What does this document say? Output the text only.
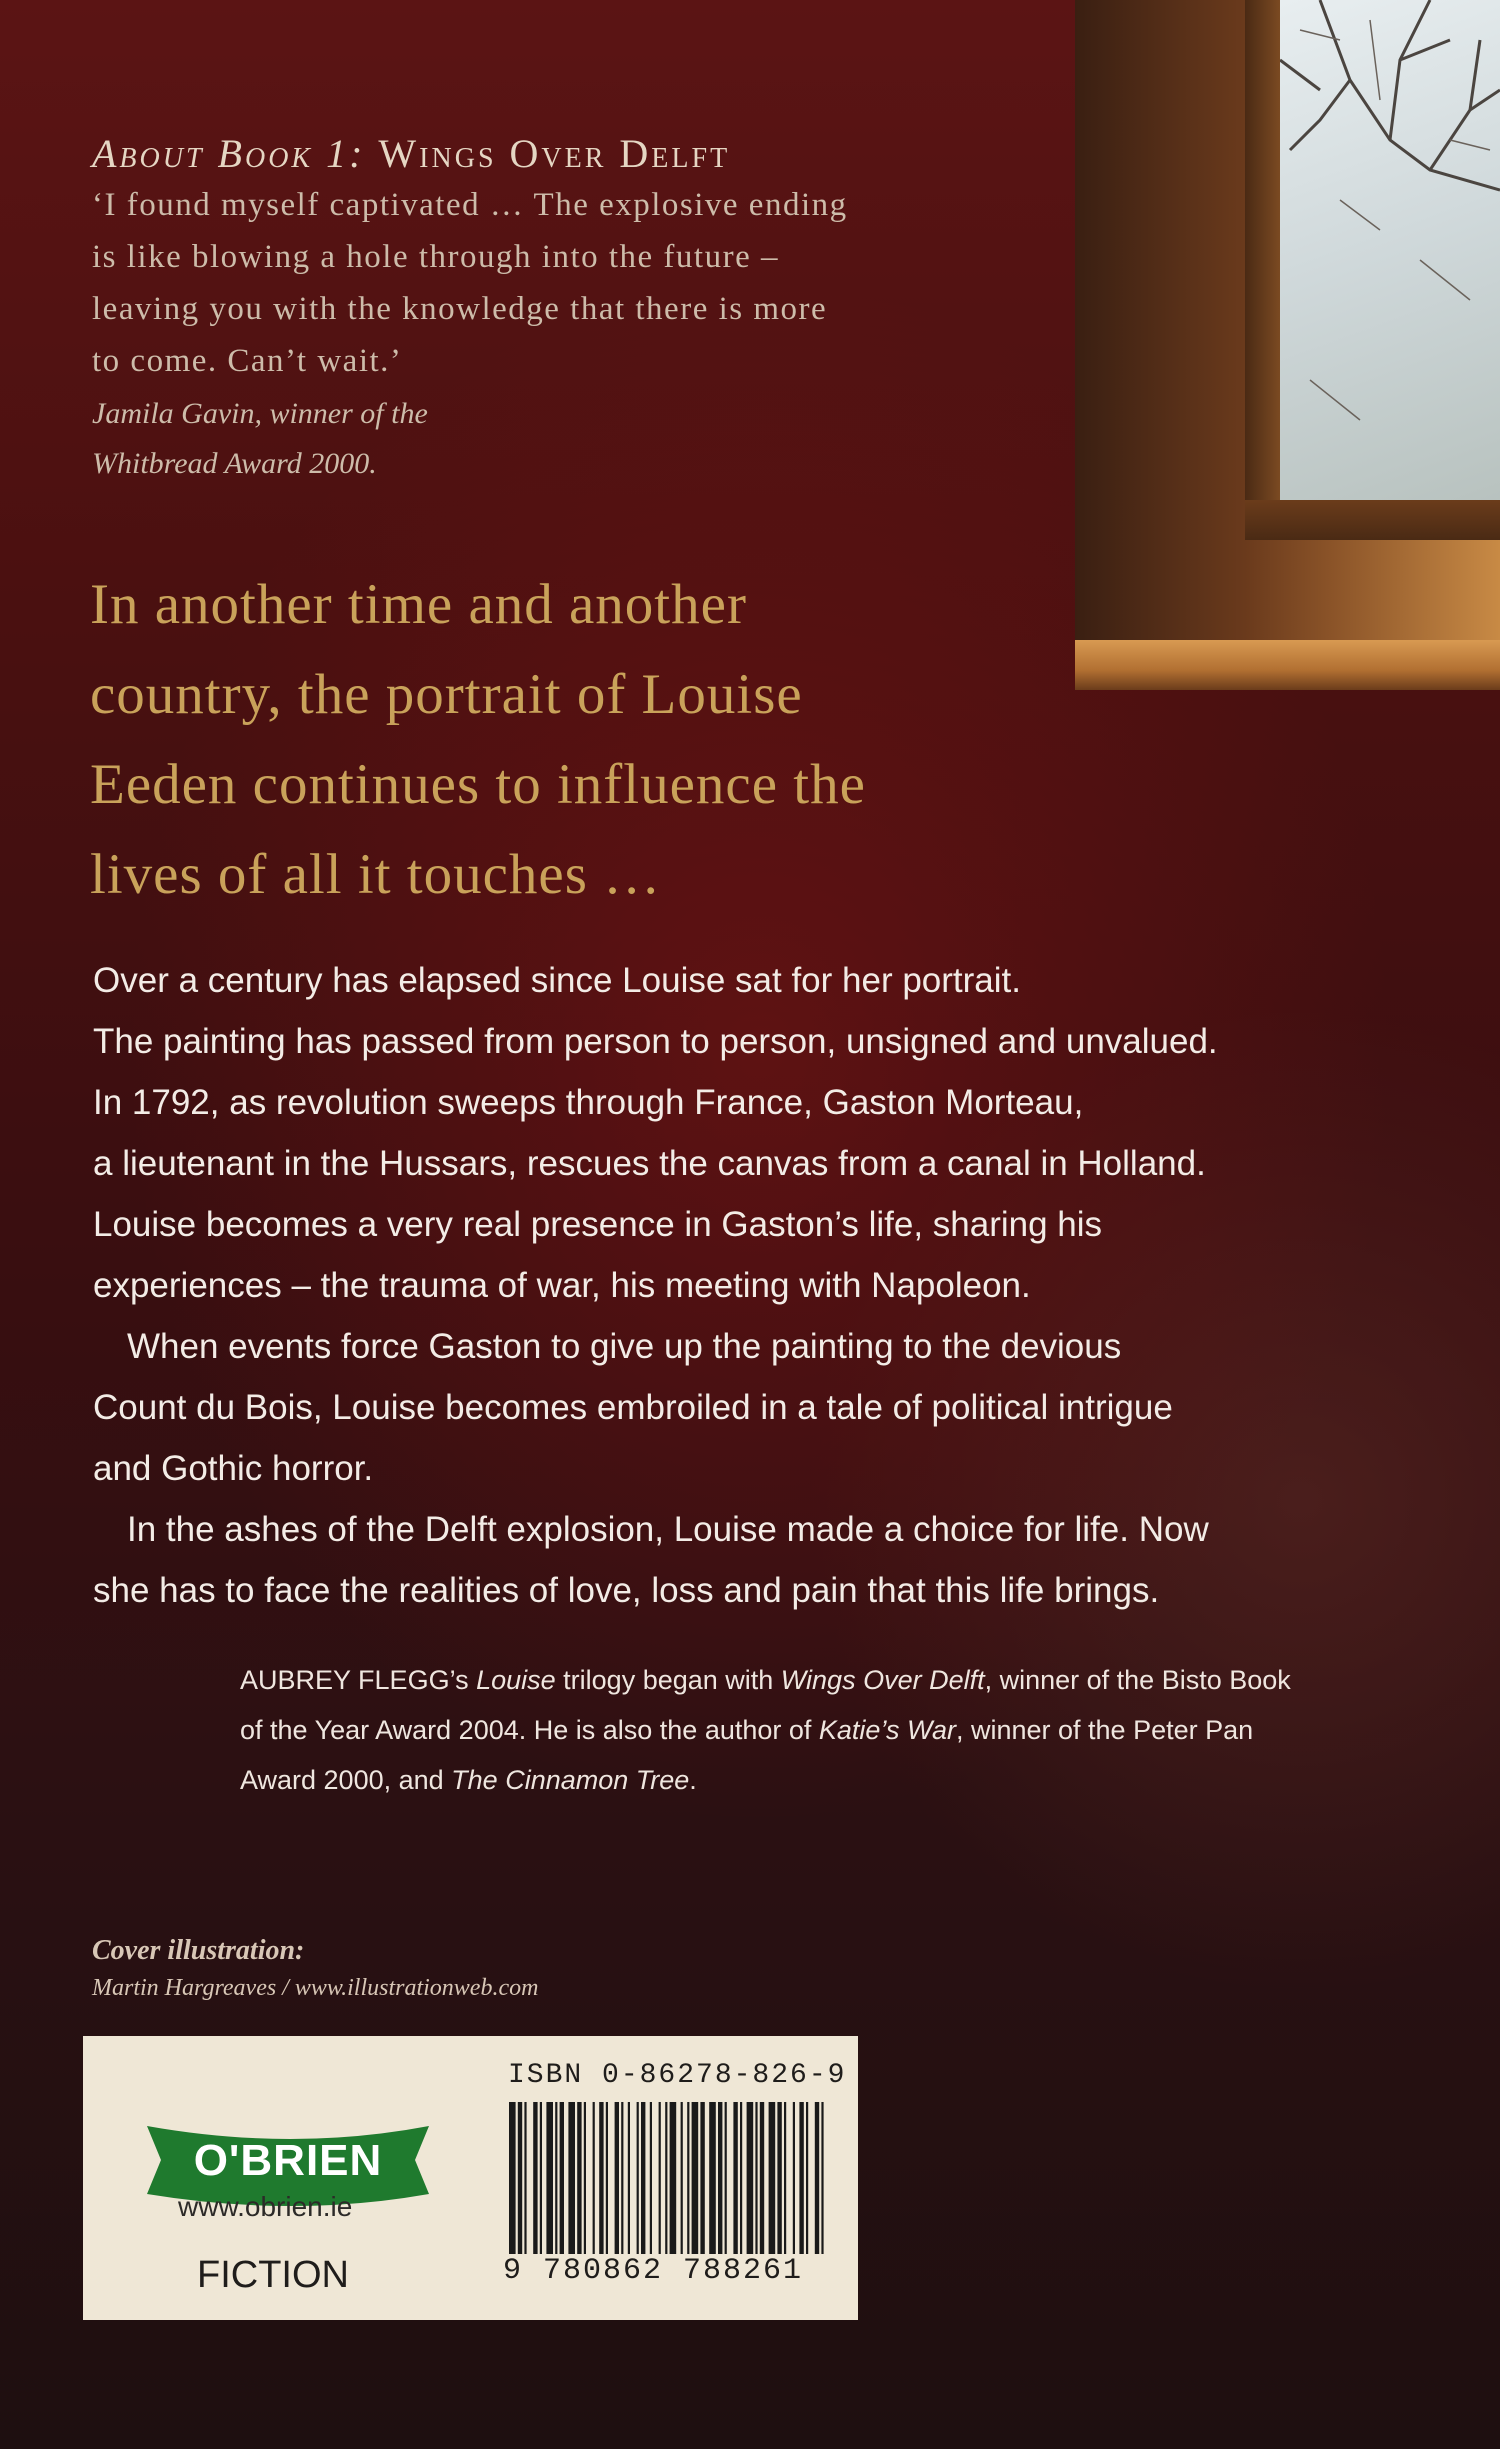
About Book 1: Wings Over Delft
‘I found myself captivated … The explosive ending
is like blowing a hole through into the future –
leaving you with the knowledge that there is more
to come. Can’t wait.’
Jamila Gavin, winner of the
Whitbread Award 2000.
In another time and another
country, the portrait of Louise
Eeden continues to influence the
lives of all it touches …

Over a century has elapsed since Louise sat for her portrait.
The painting has passed from person to person, unsigned and unvalued.
In 1792, as revolution sweeps through France, Gaston Morteau,
a lieutenant in the Hussars, rescues the canvas from a canal in Holland.
Louise becomes a very real presence in Gaston’s life, sharing his
experiences – the trauma of war, his meeting with Napoleon.

When events force Gaston to give up the painting to the devious
Count du Bois, Louise becomes embroiled in a tale of political intrigue
and Gothic horror.

In the ashes of the Delft explosion, Louise made a choice for life. Now
she has to face the realities of love, loss and pain that this life brings.

AUBREY FLEGG’s Louise trilogy began with Wings Over Delft, winner of the Bisto Book of the Year Award 2004. He is also the author of Katie’s War, winner of the Peter Pan Award 2000, and The Cinnamon Tree.
Cover illustration:
Martin Hargreaves / www.illustrationweb.com
O'BRIEN
www.obrien.ie
FICTION
ISBN 0-86278-826-9
9 780862 788261
